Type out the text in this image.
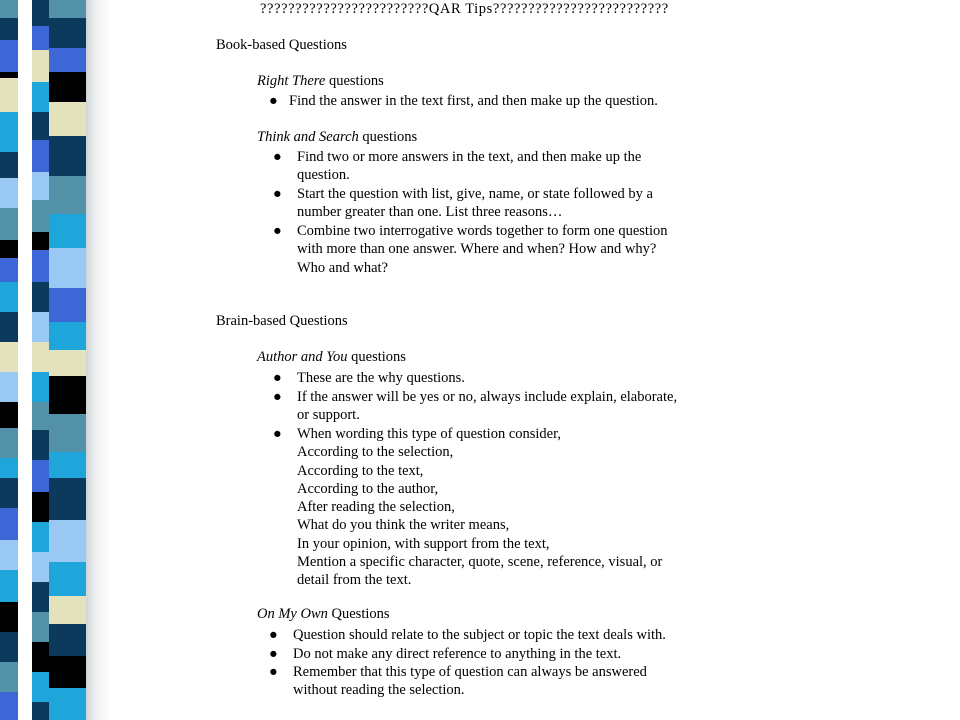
????????????????????????QAR Tips?????????????????????????
Book-based Questions
Right There questions
● Find the answer in the text first, and then make up the question.
Think and Search questions
●	Find two or more answers in the text, and then make up the
question.
●	Start the question with list, give, name, or state followed by a
number greater than one. List three reasons…
●	Combine two interrogative words together to form one question
with more than one answer. Where and when? How and why?
Who and what?
Brain-based Questions
Author and You questions
●	These are the why questions.
●	If the answer will be yes or no, always include explain, elaborate,
or support.
●	When wording this type of question consider,
According to the selection,
According to the text,
According to the author,
After reading the selection,
What do you think the writer means,
In your opinion, with support from the text,
Mention a specific character, quote, scene, reference, visual, or
detail from the text.
On My Own Questions
●	Question should relate to the subject or topic the text deals with.
●	Do not make any direct reference to anything in the text.
●	Remember that this type of question can always be answered
without reading the selection.
